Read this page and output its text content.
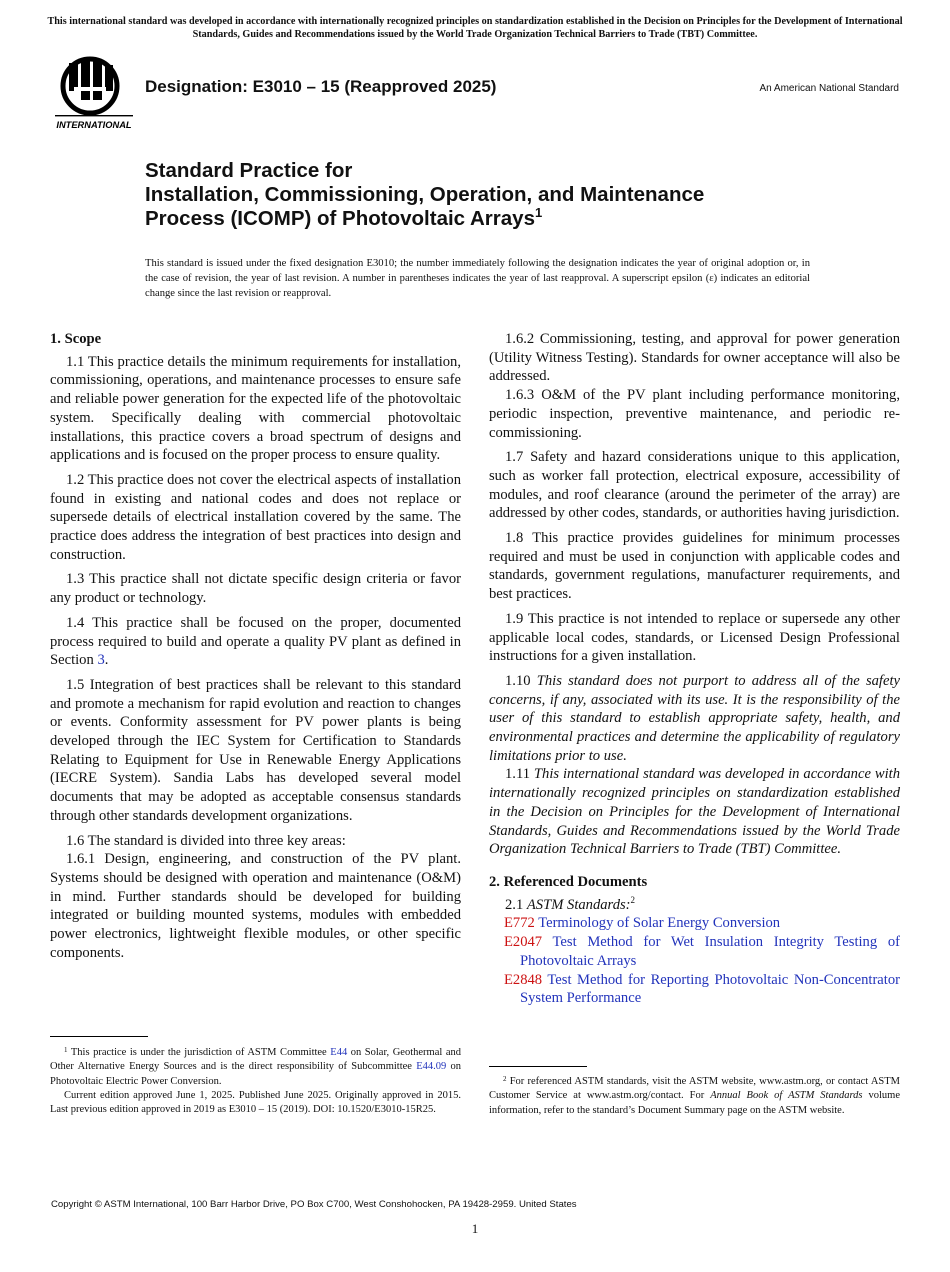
This international standard was developed in accordance with internationally recognized principles on standardization established in the Decision on Principles for the Development of International Standards, Guides and Recommendations issued by the World Trade Organization Technical Barriers to Trade (TBT) Committee.
INTERNATIONAL
Designation: E3010 – 15 (Reapproved 2025)	An American National Standard
Standard Practice for
Installation, Commissioning, Operation, and Maintenance
Process (ICOMP) of Photovoltaic Arrays$^1$
This standard is issued under the fixed designation E3010; the number immediately following the designation indicates the year of original adoption or, in the case of revision, the year of last revision. A number in parentheses indicates the year of last reapproval. A superscript epsilon (ε) indicates an editorial change since the last revision or reapproval.
1. Scope

1.1 This practice details the minimum requirements for installation, commissioning, operations, and maintenance processes to ensure safe and reliable power generation for the expected life of the photovoltaic system. Specifically dealing with commercial photovoltaic installations, this practice covers a broad spectrum of designs and applications and is focused on the proper process to ensure quality.

1.2 This practice does not cover the electrical aspects of installation found in existing and national codes and does not replace or supersede details of electrical installation covered by the same. The practice does address the integration of best practices into design and construction.

1.3 This practice shall not dictate specific design criteria or favor any product or technology.

1.4 This practice shall be focused on the proper, documented process required to build and operate a quality PV plant as defined in Section 3.

1.5 Integration of best practices shall be relevant to this standard and promote a mechanism for rapid evolution and reaction to changes or events. Conformity assessment for PV power plants is being developed through the IEC System for Certification to Standards Relating to Equipment for Use in Renewable Energy Applications (IECRE System). Sandia Labs has developed several model documents that may be adopted as acceptable consensus standards through other standards development organizations.

1.6 The standard is divided into three key areas:

1.6.1 Design, engineering, and construction of the PV plant. Systems should be designed with operation and maintenance (O&M) in mind. Further standards should be developed for building integrated or building mounted systems, modules with embedded power electronics, lightweight flexible modules, or other specific components.

$^1$ This practice is under the jurisdiction of ASTM Committee E44 on Solar, Geothermal and Other Alternative Energy Sources and is the direct responsibility of Subcommittee E44.09 on Photovoltaic Electric Power Conversion.

Current edition approved June 1, 2025. Published June 2025. Originally approved in 2015. Last previous edition approved in 2019 as E3010 – 15 (2019). DOI: 10.1520/E3010-15R25.

1.6.2 Commissioning, testing, and approval for power generation (Utility Witness Testing). Standards for owner acceptance will also be addressed.

1.6.3 O&M of the PV plant including performance monitoring, periodic inspection, preventive maintenance, and periodic re-commissioning.

1.7 Safety and hazard considerations unique to this application, such as worker fall protection, electrical exposure, accessibility of modules, and roof clearance (around the perimeter of the array) are addressed by other codes, standards, or authorities having jurisdiction.

1.8 This practice provides guidelines for minimum processes required and must be used in conjunction with applicable codes and standards, government regulations, manufacturer requirements, and best practices.

1.9 This practice is not intended to replace or supersede any other applicable local codes, standards, or Licensed Design Professional instructions for a given installation.

1.10 This standard does not purport to address all of the safety concerns, if any, associated with its use. It is the responsibility of the user of this standard to establish appropriate safety, health, and environmental practices and determine the applicability of regulatory limitations prior to use.

1.11 This international standard was developed in accordance with internationally recognized principles on standardization established in the Decision on Principles for the Development of International Standards, Guides and Recommendations issued by the World Trade Organization Technical Barriers to Trade (TBT) Committee.

2. Referenced Documents

2.1 ASTM Standards:$^2$

E772 Terminology of Solar Energy Conversion

E2047 Test Method for Wet Insulation Integrity Testing of Photovoltaic Arrays

E2848 Test Method for Reporting Photovoltaic Non-Concentrator System Performance

$^2$ For referenced ASTM standards, visit the ASTM website, www.astm.org, or contact ASTM Customer Service at www.astm.org/contact. For Annual Book of ASTM Standards volume information, refer to the standard’s Document Summary page on the ASTM website.

Copyright © ASTM International, 100 Barr Harbor Drive, PO Box C700, West Conshohocken, PA 19428-2959. United States
1
